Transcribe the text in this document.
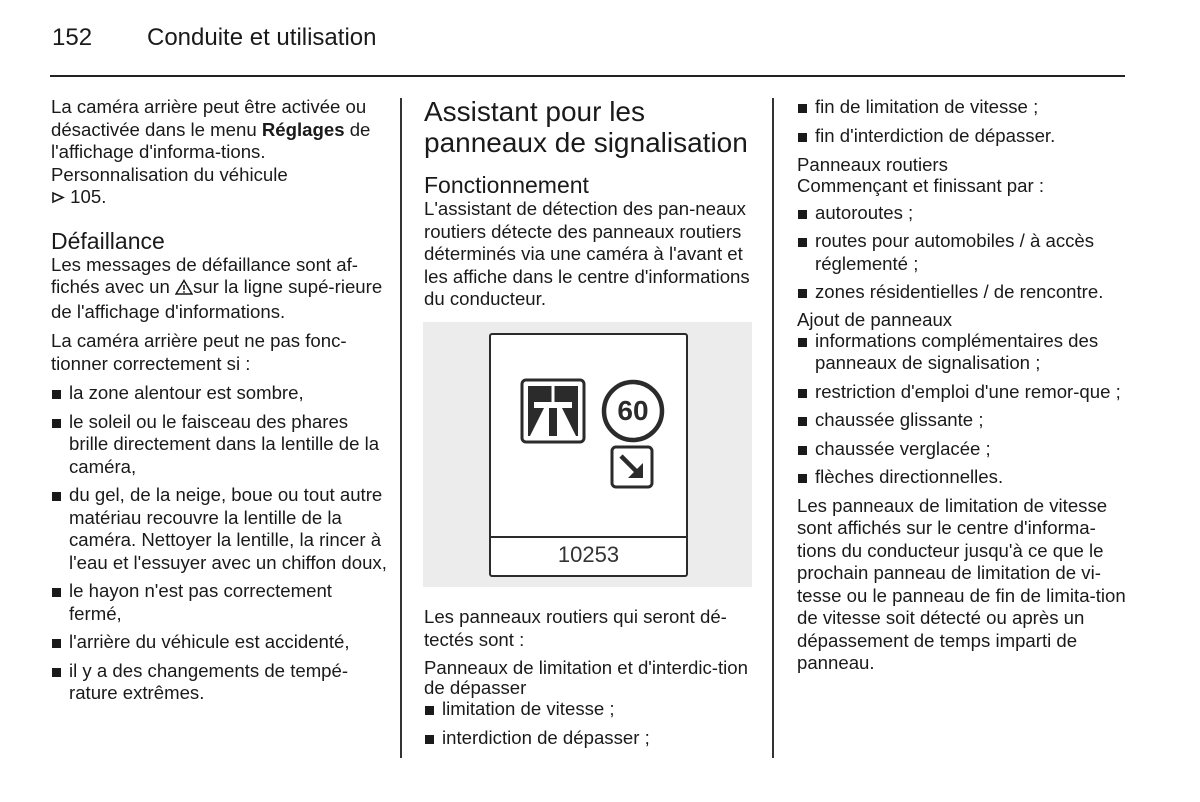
152 Conduite et utilisation

La caméra arrière peut être activée ou désactivée dans le menu Réglages de l'affichage d'informa-tions. Personnalisation du véhicule
105.

Défaillance

Les messages de défaillance sont af-fichés avec un sur la ligne supé-rieure de l'affichage d'informations.

La caméra arrière peut ne pas fonc-tionner correctement si :

la zone alentour est sombre,
le soleil ou le faisceau des phares brille directement dans la lentille de la caméra,
du gel, de la neige, boue ou tout autre matériau recouvre la lentille de la caméra. Nettoyer la lentille, la rincer à l'eau et l'essuyer avec un chiffon doux,
le hayon n'est pas correctement fermé,
l'arrière du véhicule est accidenté,
il y a des changements de tempé-rature extrêmes.
Assistant pour les panneaux de signalisation
Fonctionnement

L'assistant de détection des pan-neaux routiers détecte des panneaux routiers déterminés via une caméra à l'avant et les affiche dans le centre d'informations du conducteur.

60
10253

Les panneaux routiers qui seront dé-tectés sont :

Panneaux de limitation et d'interdic-tion de dépasser
limitation de vitesse ;
interdiction de dépasser ;
fin de limitation de vitesse ;
fin d'interdiction de dépasser.
Panneaux routiers

Commençant et finissant par :

autoroutes ;
routes pour automobiles / à accès réglementé ;
zones résidentielles / de rencontre.
Ajout de panneaux
informations complémentaires des panneaux de signalisation ;
restriction d'emploi d'une remor-que ;
chaussée glissante ;
chaussée verglacée ;
flèches directionnelles.

Les panneaux de limitation de vitesse sont affichés sur le centre d'informa-tions du conducteur jusqu'à ce que le prochain panneau de limitation de vi-tesse ou le panneau de fin de limita-tion de vitesse soit détecté ou après un dépassement de temps imparti de panneau.
